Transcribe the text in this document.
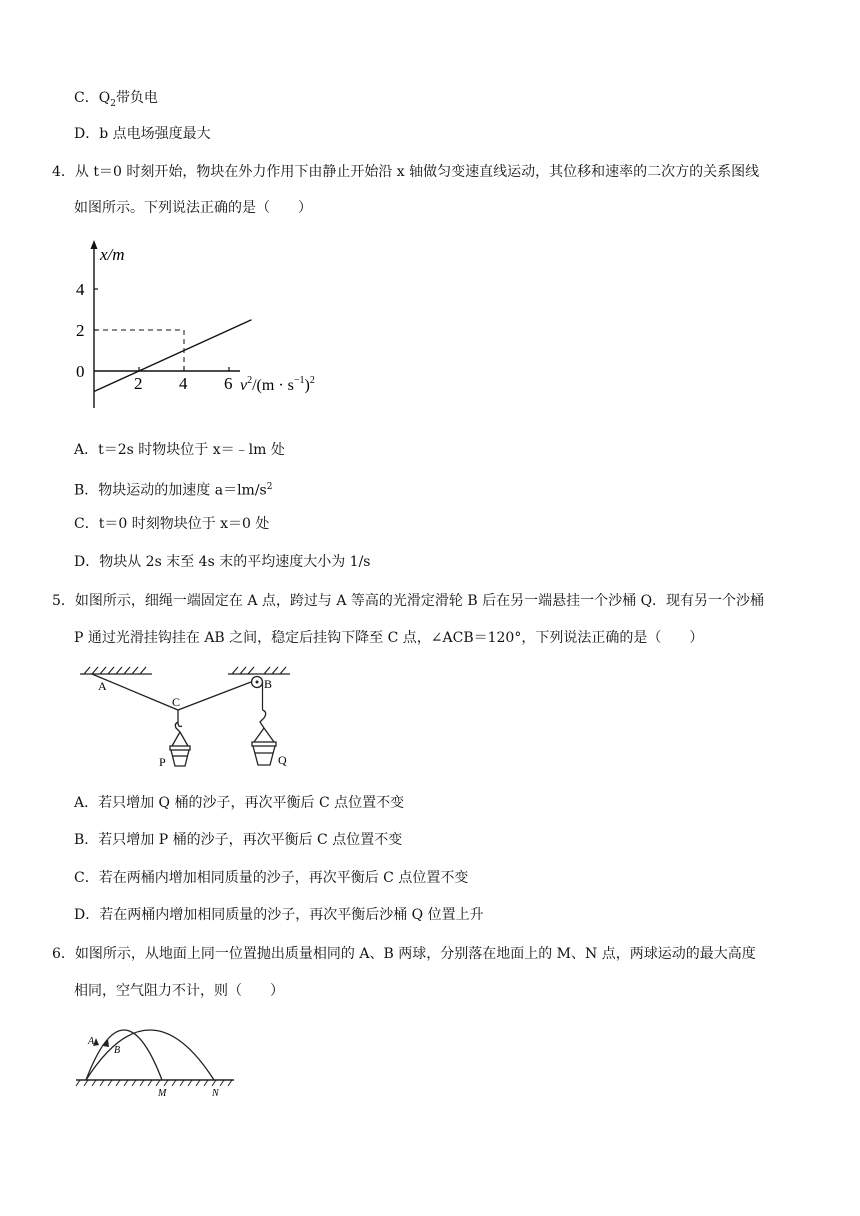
C．$Q_2$带负电
D．b 点电场强度最大
4．从 t＝0 时刻开始，物块在外力作用下由静止开始沿 x 轴做匀变速直线运动，其位移和速率的二次方的关系图线
如图所示。下列说法正确的是（　　）
x/m
4
2
0
2 4 6 $v^2/(m \cdot s^{-1})^2$
A．t＝2s 时物块位于 x＝﹣lm 处
B．物块运动的加速度 $a=lm/s^2$
C．t＝0 时刻物块位于 x＝0 处
D．物块从 2s 末至 4s 末的平均速度大小为 1/s
5．如图所示，细绳一端固定在 A 点，跨过与 A 等高的光滑定滑轮 B 后在另一端悬挂一个沙桶 Q．现有另一个沙桶
P 通过光滑挂钩挂在 AB 之间，稳定后挂钩下降至 C 点，∠ACB＝120°，下列说法正确的是（　　）
A	B
C
P	Q
A．若只增加 Q 桶的沙子，再次平衡后 C 点位置不变
B．若只增加 P 桶的沙子，再次平衡后 C 点位置不变
C．若在两桶内增加相同质量的沙子，再次平衡后 C 点位置不变
D．若在两桶内增加相同质量的沙子，再次平衡后沙桶 Q 位置上升
6．如图所示，从地面上同一位置抛出质量相同的 A、B 两球，分别落在地面上的 M、N 点，两球运动的最大高度
相同，空气阻力不计，则（　　）
A
B
M	N
